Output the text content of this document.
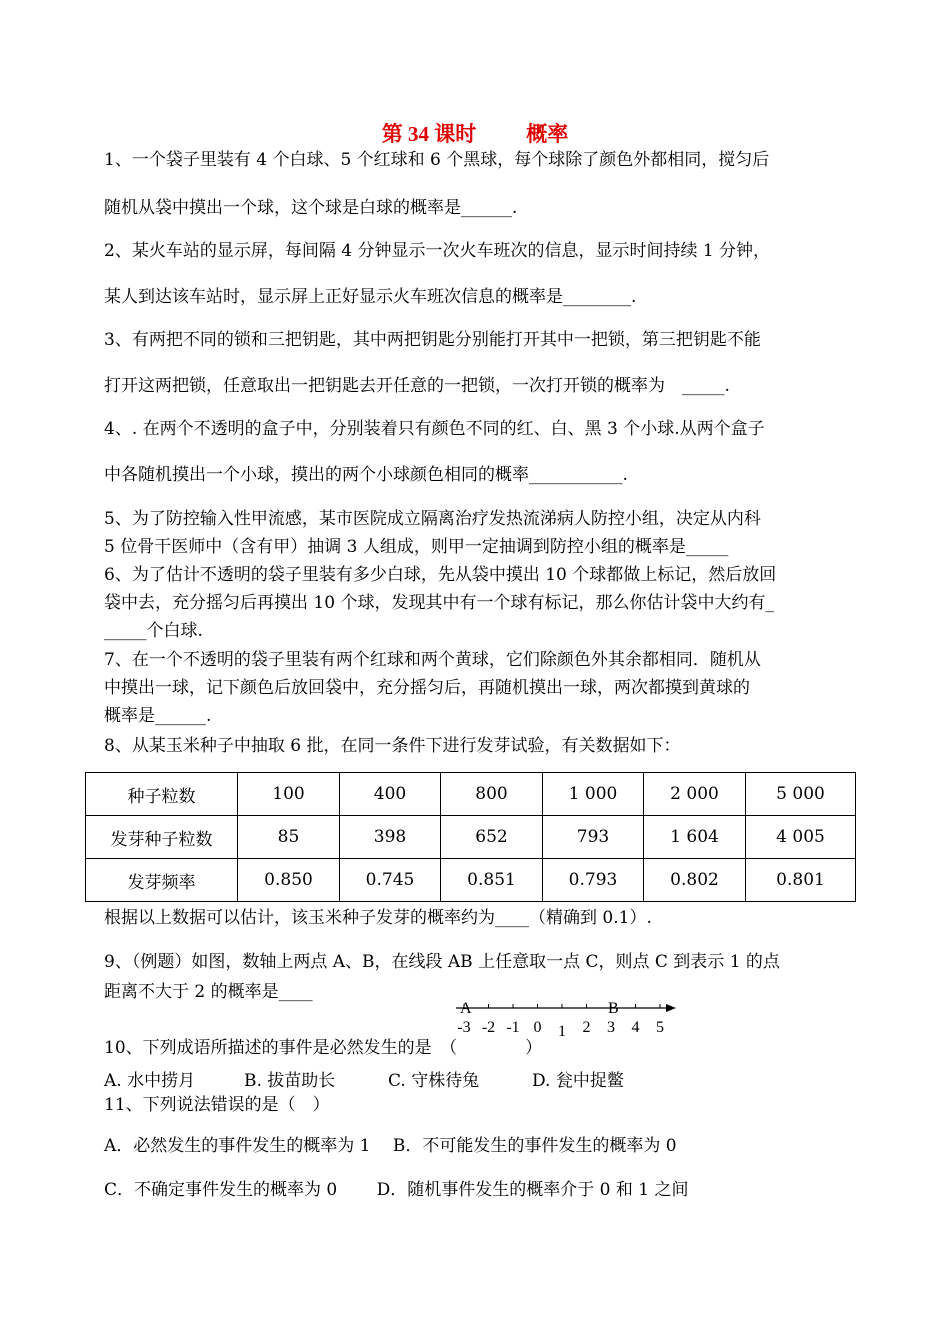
第 34 课时 概率
1、一个袋子里装有 4 个白球、5 个红球和 6 个黑球，每个球除了颜色外都相同，搅匀后
随机从袋中摸出一个球，这个球是白球的概率是______.
2、某火车站的显示屏，每间隔 4 分钟显示一次火车班次的信息，显示时间持续 1 分钟，
某人到达该车站时，显示屏上正好显示火车班次信息的概率是________.
3、有两把不同的锁和三把钥匙，其中两把钥匙分别能打开其中一把锁，第三把钥匙不能
打开这两把锁，任意取出一把钥匙去开任意的一把锁，一次打开锁的概率为　_____.
4、. 在两个不透明的盒子中，分别装着只有颜色不同的红、白、黑 3 个小球.从两个盒子
中各随机摸出一个小球，摸出的两个小球颜色相同的概率___________.
5、为了防控输入性甲流感，某市医院成立隔离治疗发热流涕病人防控小组，决定从内科
5 位骨干医师中（含有甲）抽调 3 人组成，则甲一定抽调到防控小组的概率是_____
6、为了估计不透明的袋子里装有多少白球，先从袋中摸出 10 个球都做上标记，然后放回
袋中去，充分摇匀后再摸出 10 个球，发现其中有一个球有标记，那么你估计袋中大约有_
_____个白球.
7、在一个不透明的袋子里装有两个红球和两个黄球，它们除颜色外其余都相同．随机从
中摸出一球，记下颜色后放回袋中，充分摇匀后，再随机摸出一球，两次都摸到黄球的
概率是______.
8、从某玉米种子中抽取 6 批，在同一条件下进行发芽试验，有关数据如下：
种子粒数	100	400	800	1 000	2 000	5 000
发芽种子粒数	85	398	652	793	1 604	4 005
发芽频率	0.850	0.745	0.851	0.793	0.802	0.801
根据以上数据可以估计，该玉米种子发芽的概率约为____（精确到 0.1）.
9、（例题）如图，数轴上两点 A、B，在线段 AB 上任意取一点 C，则点 C 到表示 1 的点
距离不大于 2 的概率是____
A	B
-3 -2 -1 0 1 2 3 4 5
10、下列成语所描述的事件是必然发生的是　（　　　　）
A. 水中捞月	B. 拔苗助长	C. 守株待兔	D. 瓮中捉鳖
11、下列说法错误的是（　）
A．必然发生的事件发生的概率为 1　 B．不可能发生的事件发生的概率为 0
C．不确定事件发生的概率为 0　　 D．随机事件发生的概率介于 0 和 1 之间
